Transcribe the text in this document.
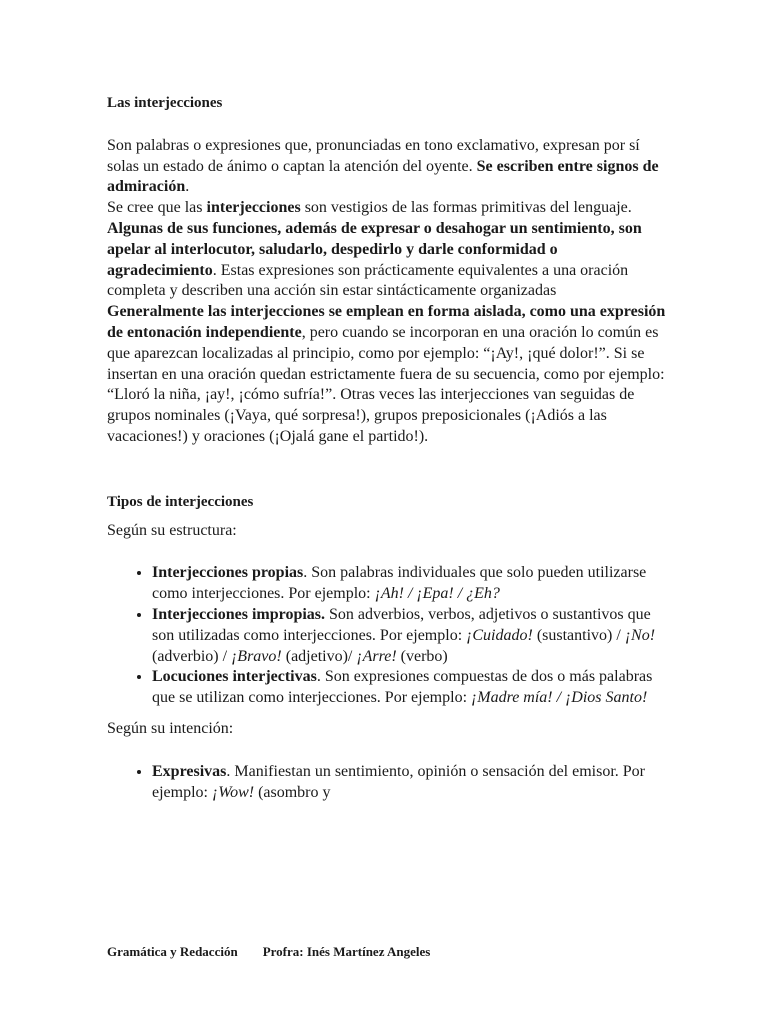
Las interjecciones

Son palabras o expresiones que, pronunciadas en tono exclamativo, expresan por sí solas un estado de ánimo o captan la atención del oyente. Se escriben entre signos de admiración.

Se cree que las interjecciones son vestigios de las formas primitivas del lenguaje. Algunas de sus funciones, además de expresar o desahogar un sentimiento, son apelar al interlocutor, saludarlo, despedirlo y darle conformidad o agradecimiento. Estas expresiones son prácticamente equivalentes a una oración completa y describen una acción sin estar sintácticamente organizadas

Generalmente las interjecciones se emplean en forma aislada, como una expresión de entonación independiente, pero cuando se incorporan en una oración lo común es que aparezcan localizadas al principio, como por ejemplo: “¡Ay!, ¡qué dolor!”. Si se insertan en una oración quedan estrictamente fuera de su secuencia, como por ejemplo: “Lloró la niña, ¡ay!, ¡cómo sufría!”. Otras veces las interjecciones van seguidas de grupos nominales (¡Vaya, qué sorpresa!), grupos preposicionales (¡Adiós a las vacaciones!) y oraciones (¡Ojalá gane el partido!).

Tipos de interjecciones

Según su estructura:

• Interjecciones propias. Son palabras individuales que solo pueden utilizarse como interjecciones. Por ejemplo: ¡Ah! / ¡Epa! / ¿Eh?
• Interjecciones impropias. Son adverbios, verbos, adjetivos o sustantivos que son utilizadas como interjecciones. Por ejemplo: ¡Cuidado! (sustantivo) / ¡No! (adverbio) / ¡Bravo! (adjetivo)/ ¡Arre! (verbo)
• Locuciones interjectivas. Son expresiones compuestas de dos o más palabras que se utilizan como interjecciones. Por ejemplo: ¡Madre mía! / ¡Dios Santo!

Según su intención:

• Expresivas. Manifiestan un sentimiento, opinión o sensación del emisor. Por ejemplo: ¡Wow! (asombro y
Gramática y Redacción Profra: Inés Martínez Angeles
